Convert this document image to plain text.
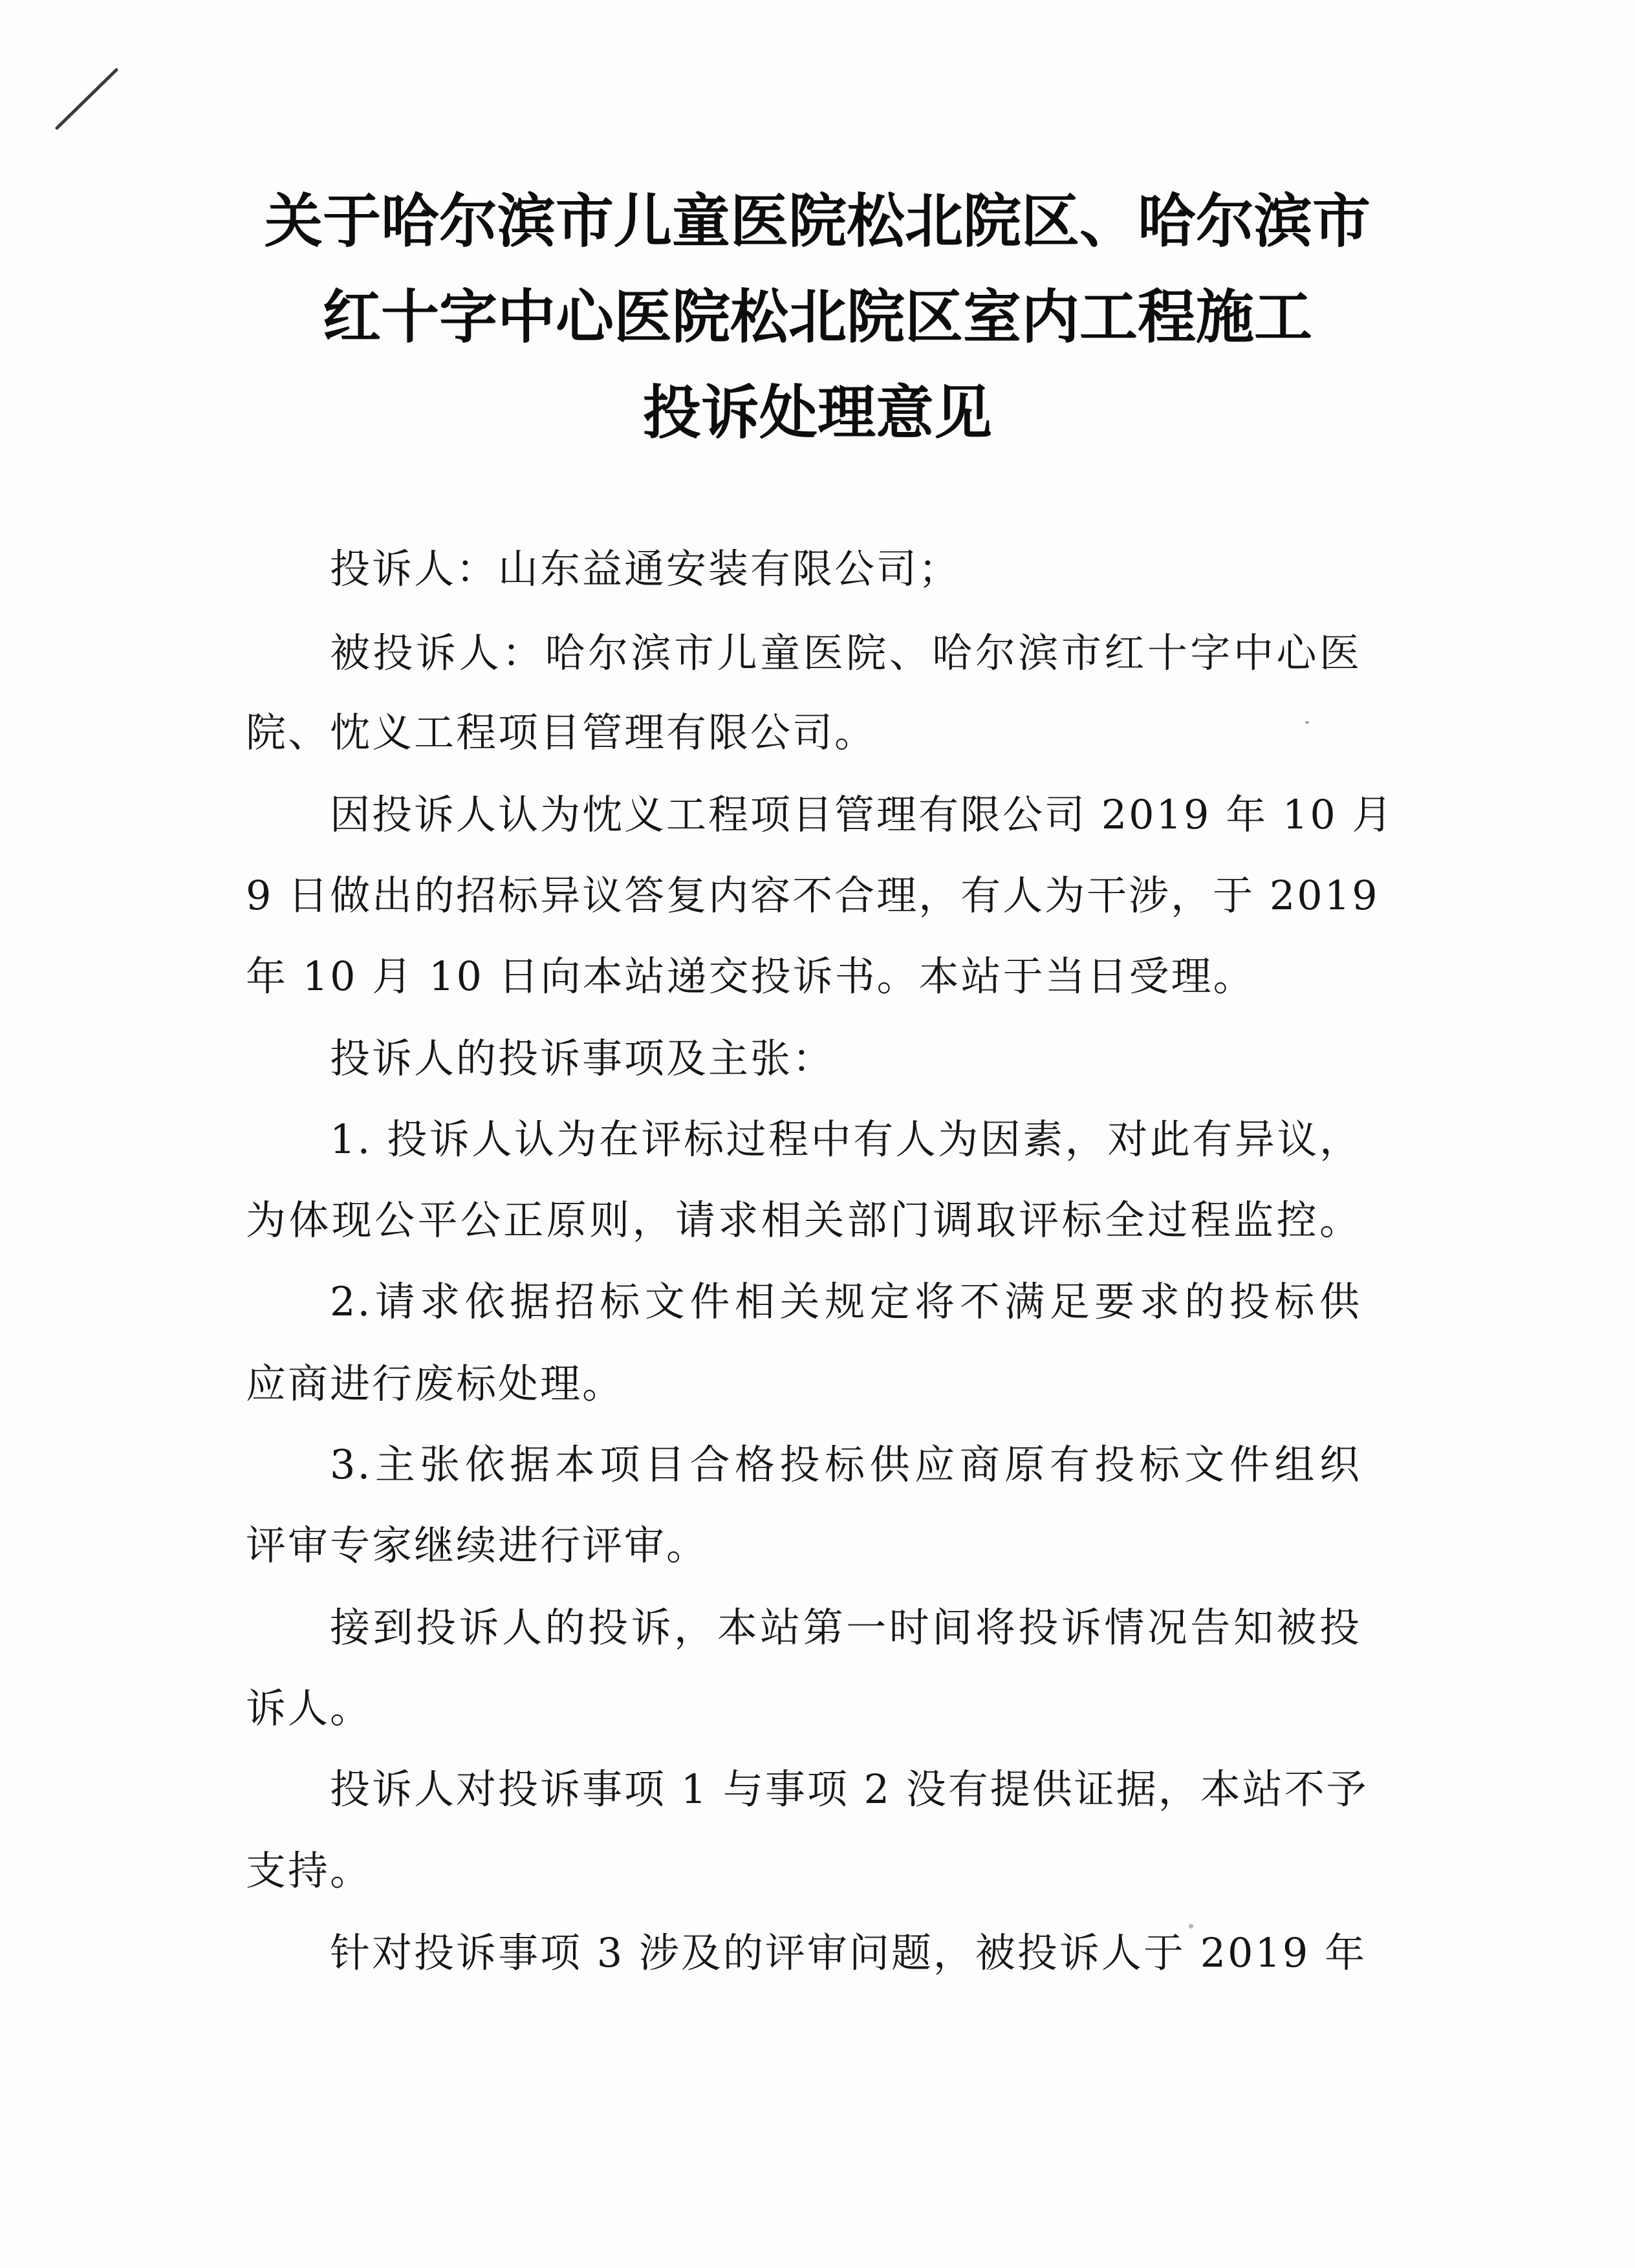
关于哈尔滨市儿童医院松北院区、哈尔滨市
红十字中心医院松北院区室内工程施工
投诉处理意见
投诉人：山东益通安装有限公司；
被投诉人：哈尔滨市儿童医院、哈尔滨市红十字中心医
院、忱义工程项目管理有限公司。
因投诉人认为忱义工程项目管理有限公司 2019 年 10 月
9 日做出的招标异议答复内容不合理，有人为干涉，于 2019
年 10 月 10 日向本站递交投诉书。本站于当日受理。
投诉人的投诉事项及主张：
1. 投诉人认为在评标过程中有人为因素，对此有异议，
为体现公平公正原则，请求相关部门调取评标全过程监控。
2.请求依据招标文件相关规定将不满足要求的投标供
应商进行废标处理。
3.主张依据本项目合格投标供应商原有投标文件组织
评审专家继续进行评审。
接到投诉人的投诉，本站第一时间将投诉情况告知被投
诉人。
投诉人对投诉事项 1 与事项 2 没有提供证据，本站不予
支持。
针对投诉事项 3 涉及的评审问题，被投诉人于 2019 年
